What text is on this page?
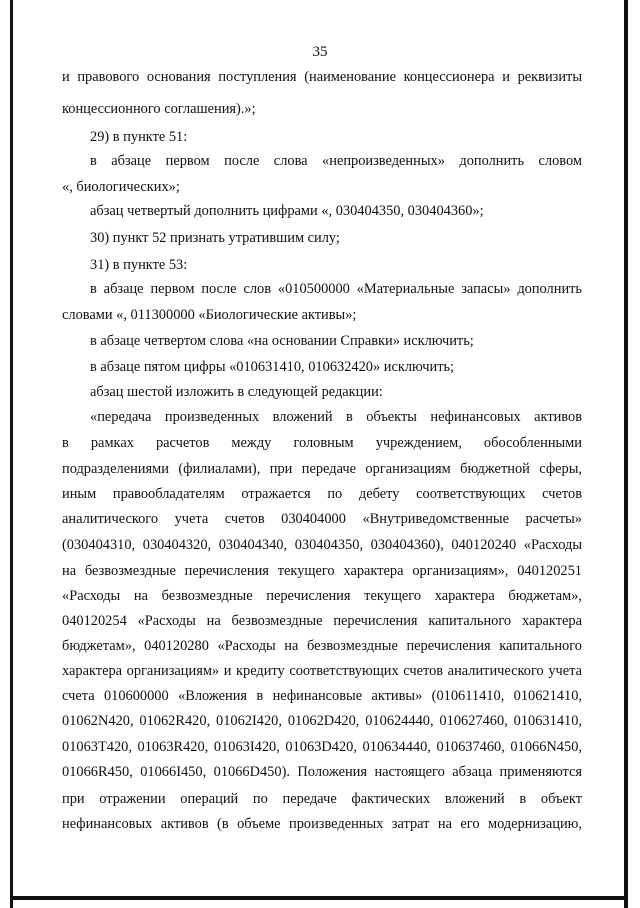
35
и правового основания поступления (наименование концессионера и реквизиты
концессионного соглашения).»;
29) в пункте 51:
в абзаце первом после слова «непроизведенных» дополнить словом
«, биологических»;
абзац четвертый дополнить цифрами «, 030404350, 030404360»;
30) пункт 52 признать утратившим силу;
31) в пункте 53:
в абзаце первом после слов «010500000 «Материальные запасы» дополнить
словами «, 011300000 «Биологические активы»;
в абзаце четвертом слова «на основании Справки» исключить;
в абзаце пятом цифры «010631410, 010632420» исключить;
абзац шестой изложить в следующей редакции:
«передача произведенных вложений в объекты нефинансовых активов
в рамках расчетов между головным учреждением, обособленными
подразделениями (филиалами), при передаче организациям бюджетной сферы,
иным правообладателям отражается по дебету соответствующих счетов
аналитического учета счетов 030404000 «Внутриведомственные расчеты»
(030404310, 030404320, 030404340, 030404350, 030404360), 040120240 «Расходы
на безвозмездные перечисления текущего характера организациям», 040120251
«Расходы на безвозмездные перечисления текущего характера бюджетам»,
040120254 «Расходы на безвозмездные перечисления капитального характера
бюджетам», 040120280 «Расходы на безвозмездные перечисления капитального
характера организациям» и кредиту соответствующих счетов аналитического учета
счета 010600000 «Вложения в нефинансовые активы» (010611410, 010621410,
01062N420, 01062R420, 01062I420, 01062D420, 010624440, 010627460, 010631410,
01063T420, 01063R420, 01063I420, 01063D420, 010634440, 010637460, 01066N450,
01066R450, 01066I450, 01066D450). Положения настоящего абзаца применяются
при отражении операций по передаче фактических вложений в объект
нефинансовых активов (в объеме произведенных затрат на его модернизацию,
